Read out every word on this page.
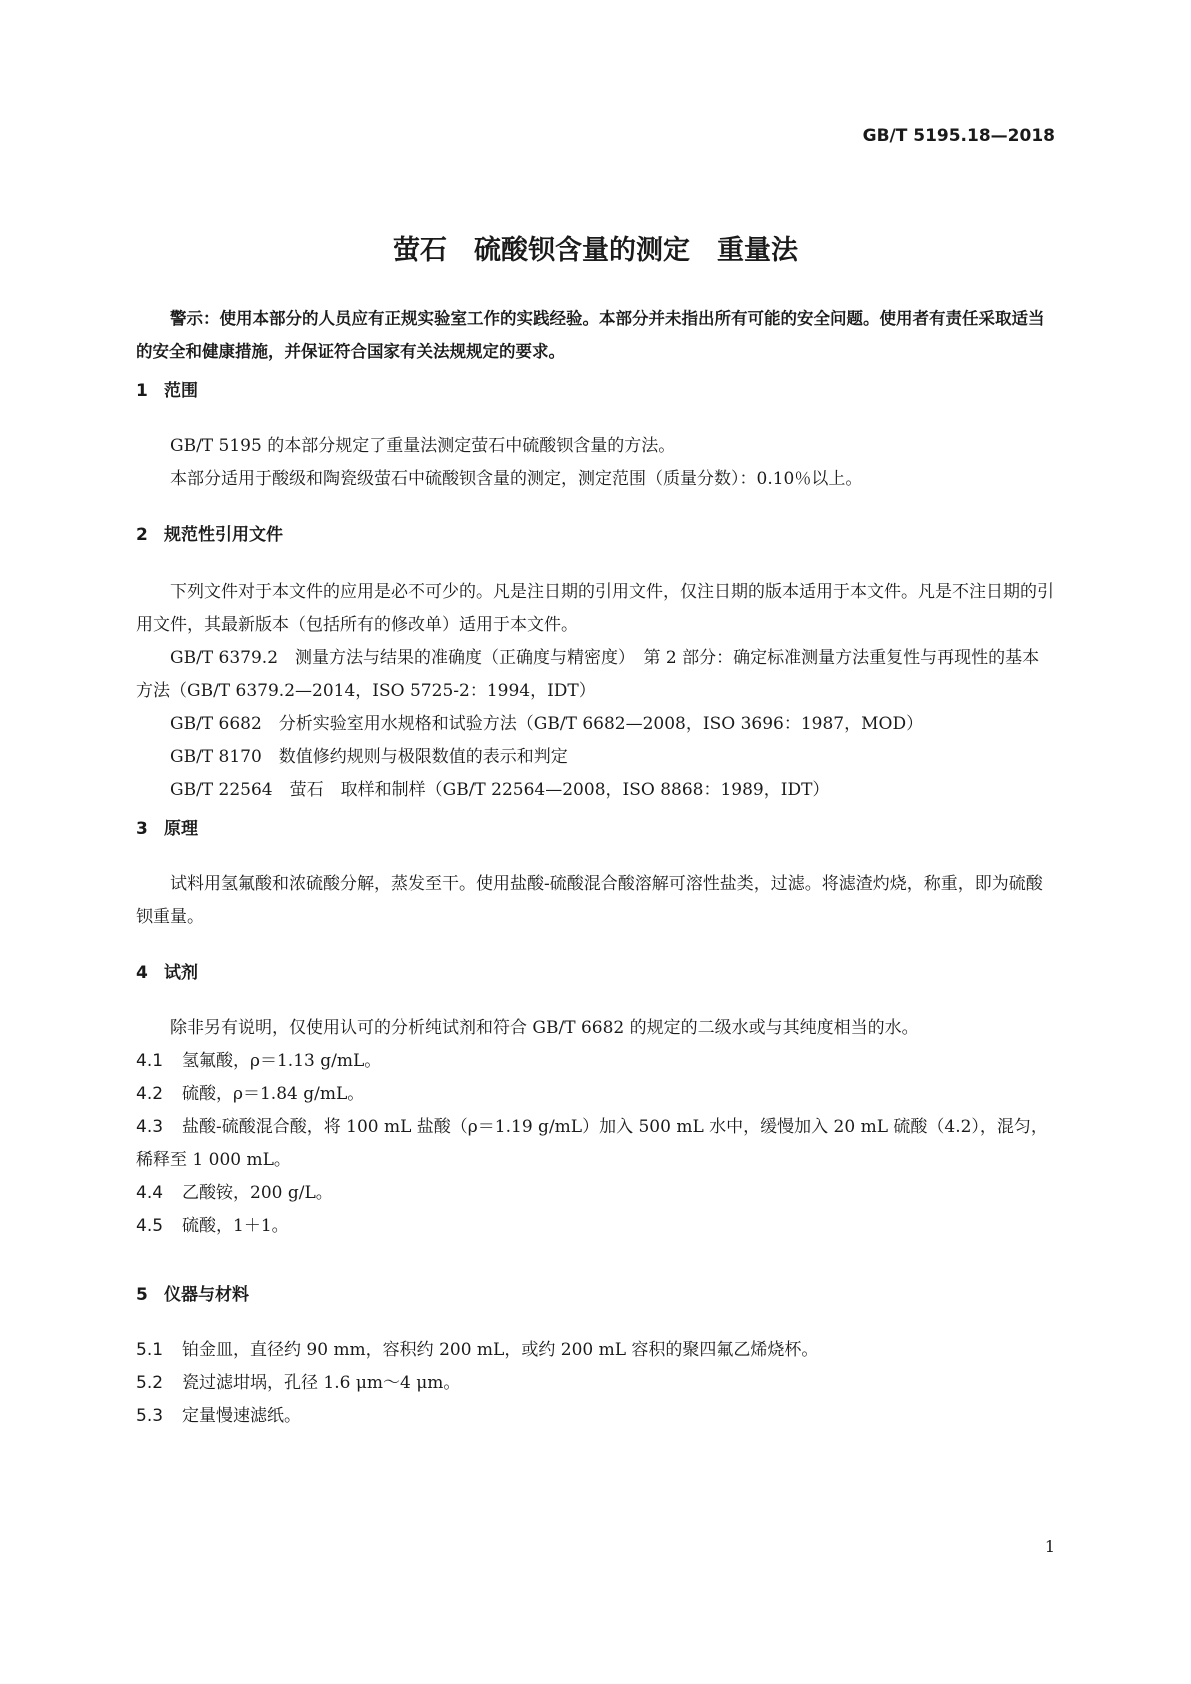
GB/T 5195.18—2018
萤石　硫酸钡含量的测定　重量法

警示：使用本部分的人员应有正规实验室工作的实践经验。本部分并未指出所有可能的安全问题。使用者有责任采取适当的安全和健康措施，并保证符合国家有关法规规定的要求。

1 范围

GB/T 5195 的本部分规定了重量法测定萤石中硫酸钡含量的方法。

本部分适用于酸级和陶瓷级萤石中硫酸钡含量的测定，测定范围（质量分数）：0.10％以上。

2 规范性引用文件

下列文件对于本文件的应用是必不可少的。凡是注日期的引用文件，仅注日期的版本适用于本文件。凡是不注日期的引用文件，其最新版本（包括所有的修改单）适用于本文件。

GB/T 6379.2　测量方法与结果的准确度（正确度与精密度）　第 2 部分：确定标准测量方法重复性与再现性的基本方法（GB/T 6379.2—2014，ISO 5725-2：1994，IDT）

GB/T 6682　分析实验室用水规格和试验方法（GB/T 6682—2008，ISO 3696：1987，MOD）

GB/T 8170　数值修约规则与极限数值的表示和判定

GB/T 22564　萤石　取样和制样（GB/T 22564—2008，ISO 8868：1989，IDT）

3 原理

试料用氢氟酸和浓硫酸分解，蒸发至干。使用盐酸-硫酸混合酸溶解可溶性盐类，过滤。将滤渣灼烧，称重，即为硫酸钡重量。

4 试剂

除非另有说明，仅使用认可的分析纯试剂和符合 GB/T 6682 的规定的二级水或与其纯度相当的水。

4.1 氢氟酸，ρ＝1.13 g/mL。

4.2 硫酸，ρ＝1.84 g/mL。

4.3 盐酸-硫酸混合酸，将 100 mL 盐酸（ρ＝1.19 g/mL）加入 500 mL 水中，缓慢加入 20 mL 硫酸（4.2），混匀，稀释至 1 000 mL。

4.4 乙酸铵，200 g/L。

4.5 硫酸，1＋1。

5 仪器与材料

5.1 铂金皿，直径约 90 mm，容积约 200 mL，或约 200 mL 容积的聚四氟乙烯烧杯。

5.2 瓷过滤坩埚，孔径 1.6 μm～4 μm。

5.3 定量慢速滤纸。

1
